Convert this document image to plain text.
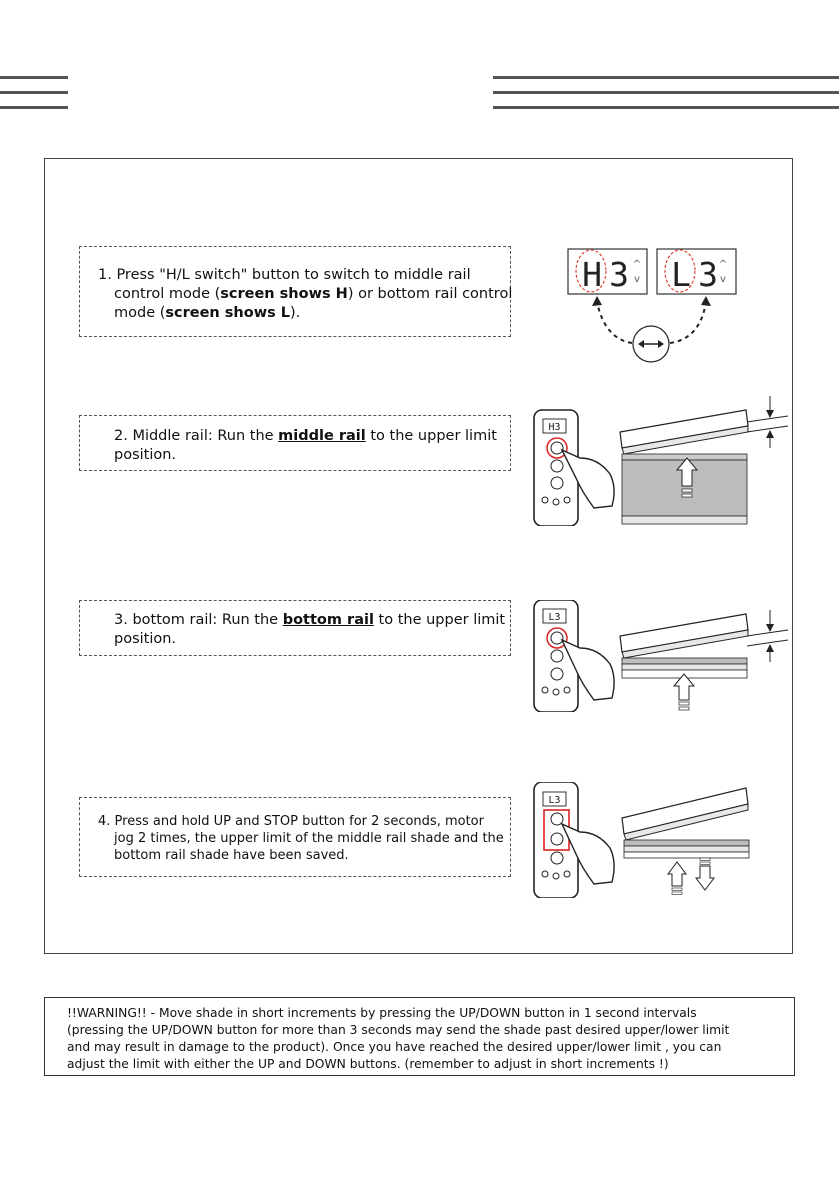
1. Press "H/L switch" button to switch to middle rail
control mode (screen shows H) or bottom rail control
mode (screen shows L).
2. Middle rail: Run the middle rail to the upper limit
position.
3. bottom rail: Run the bottom rail to the upper limit
position.
4. Press and hold UP and STOP button for 2 seconds, motor
jog 2 times, the upper limit of the middle rail shade and the
bottom rail shade have been saved.
H 3 ^
v L 3 ^
v
H3
L3
L3
!!WARNING!! - Move shade in short increments by pressing the UP/DOWN button in 1 second intervals
(pressing the UP/DOWN button for more than 3 seconds may send the shade past desired upper/lower limit
and may result in damage to the product). Once you have reached the desired upper/lower limit , you can
adjust the limit with either the UP and DOWN buttons. (remember to adjust in short increments !)
